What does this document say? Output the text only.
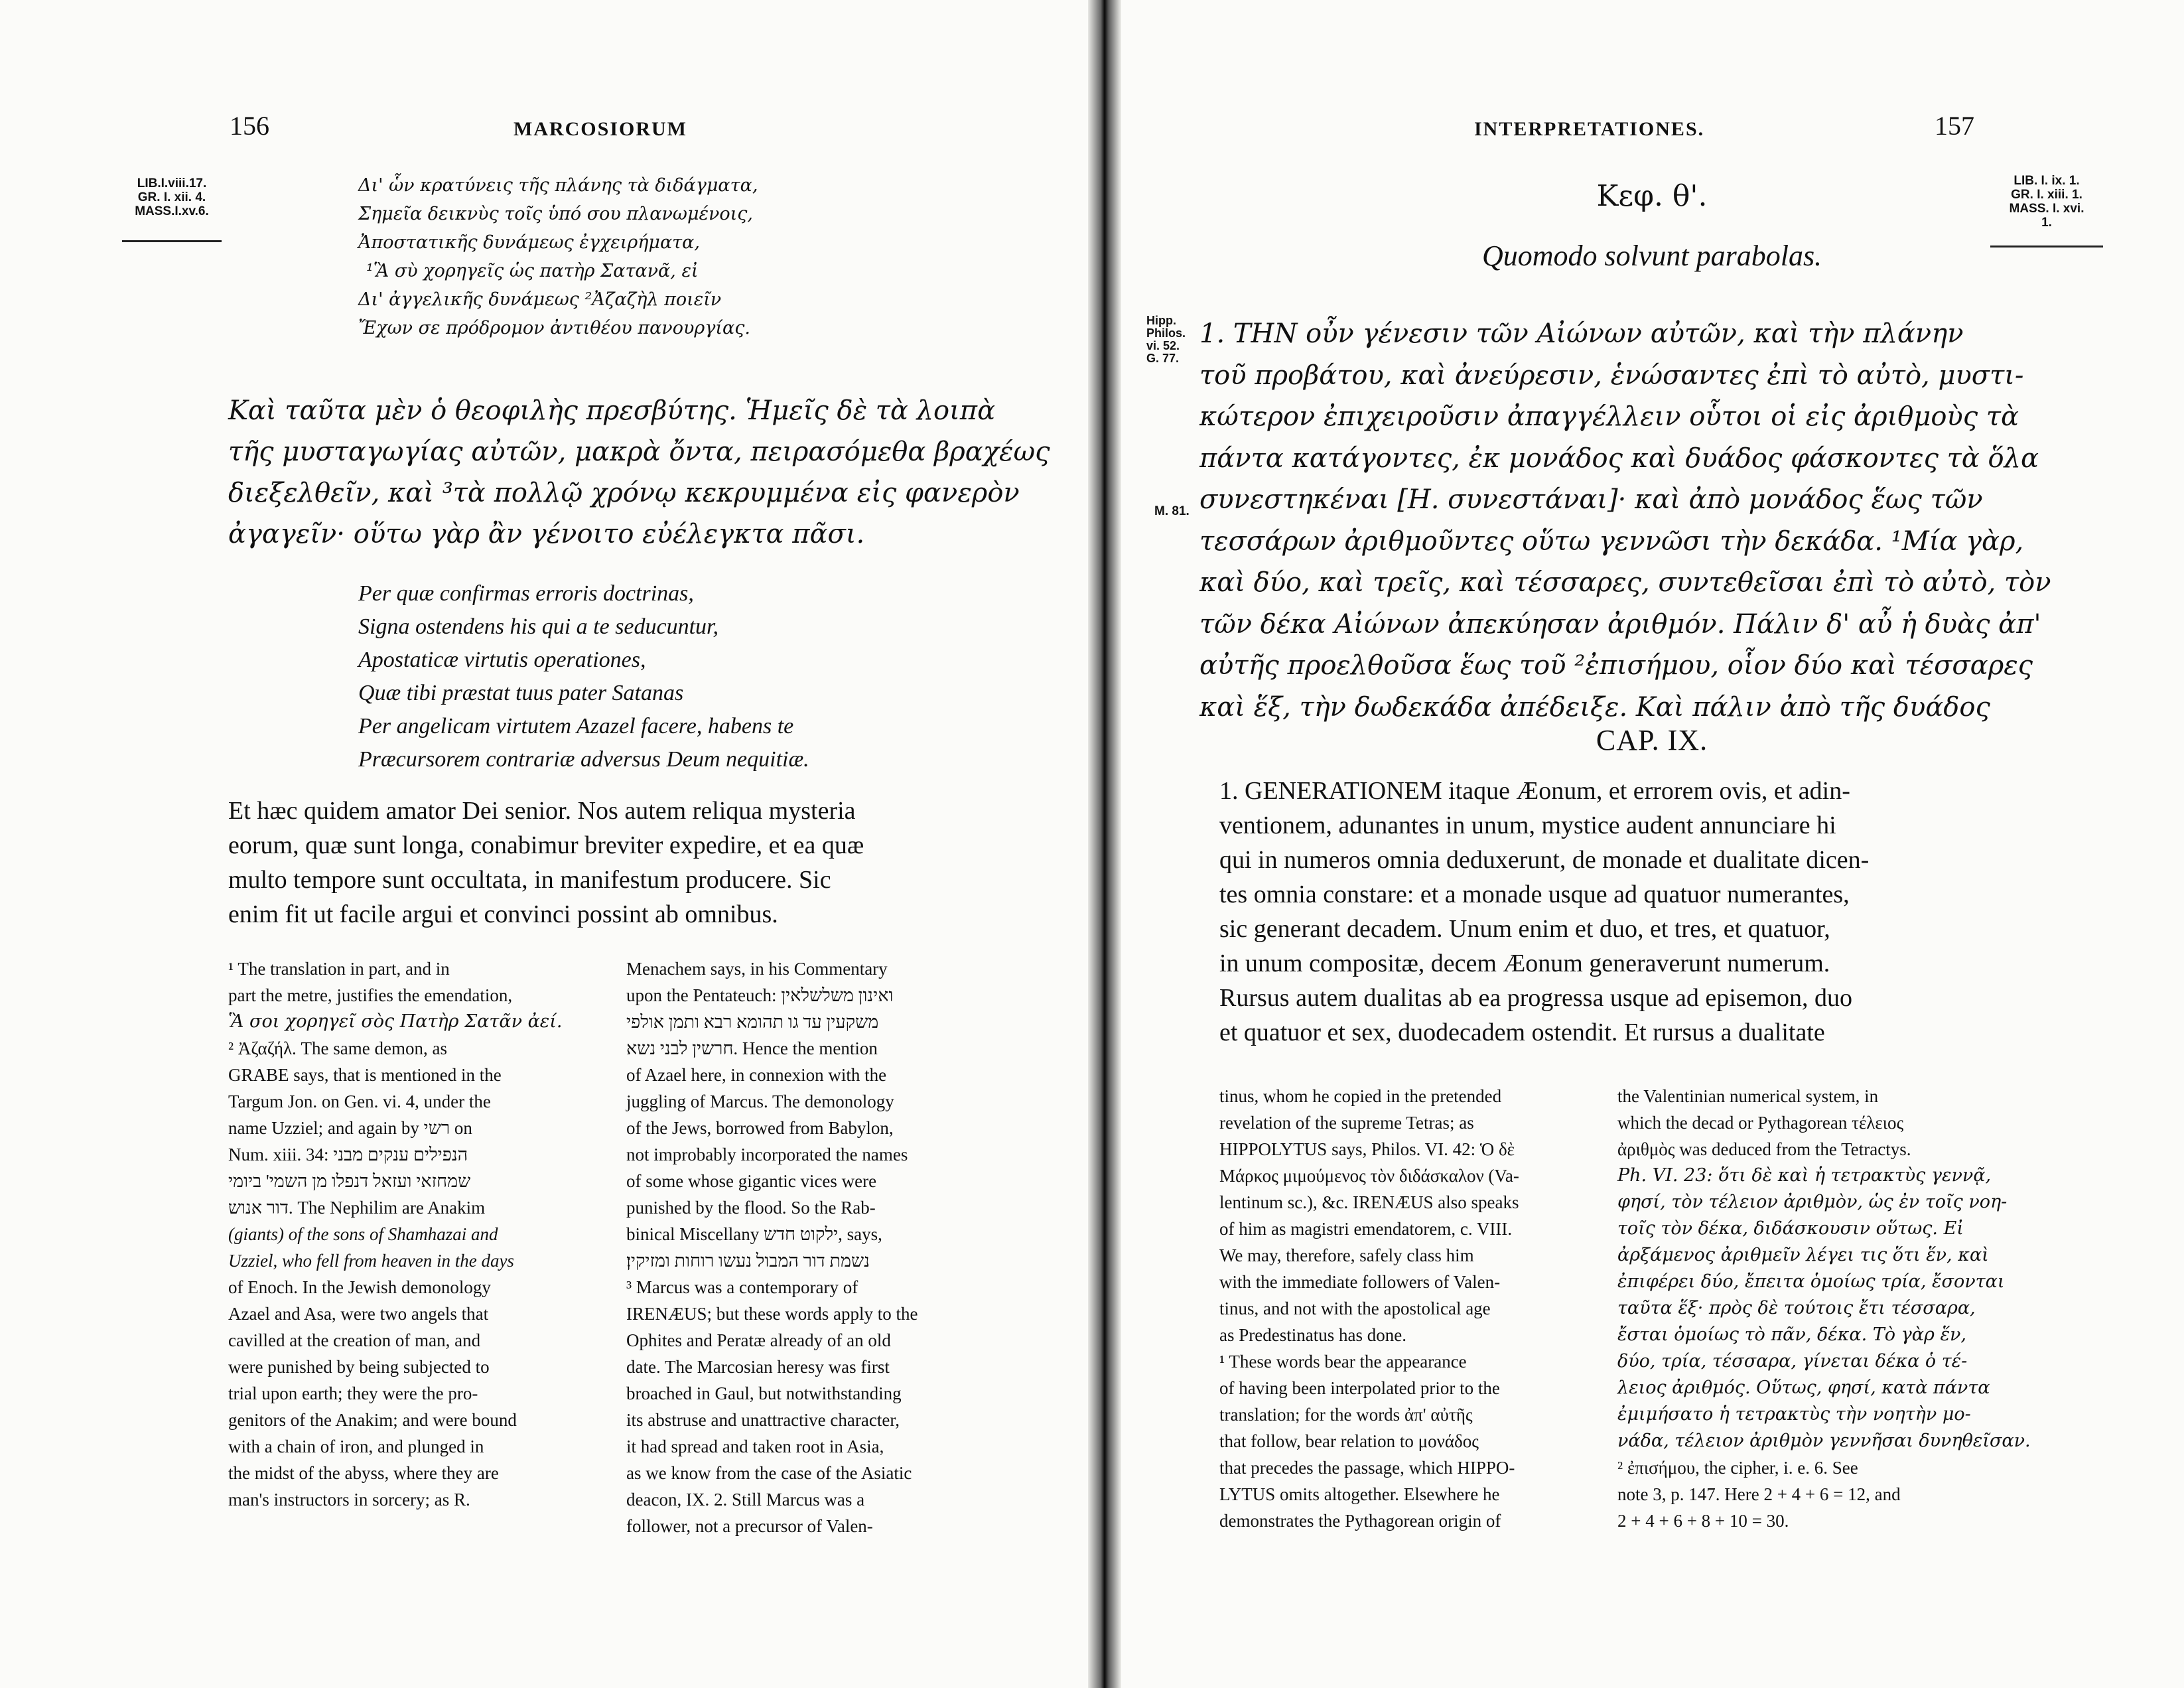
156	MARCOSIORUM
LIB.I.viii.17.
GR. I. xii. 4.
MASS.I.xv.6.
Δι' ὧν κρατύνεις τῆς πλάνης τὰ διδάγματα,
Σημεῖα δεικνὺς τοῖς ὑπό σου πλανωμένοις,
Ἀποστατικῆς δυνάμεως ἐγχειρήματα,
¹Ἃ σὺ χορηγεῖς ὡς πατὴρ Σατανᾶ, εἰ
Δι' ἀγγελικῆς δυνάμεως ²Ἀζαζὴλ ποιεῖν
Ἔχων σε πρόδρομον ἀντιθέου πανουργίας.
Καὶ ταῦτα μὲν ὁ θεοφιλὴς πρεσβύτης. Ἡμεῖς δὲ τὰ λοιπὰ
τῆς μυσταγωγίας αὐτῶν, μακρὰ ὄντα, πειρασόμεθα βραχέως
διεξελθεῖν, καὶ ³τὰ πολλῷ χρόνῳ κεκρυμμένα εἰς φανερὸν
ἀγαγεῖν· οὕτω γὰρ ἂν γένοιτο εὐέλεγκτα πᾶσι.
Per quæ confirmas erroris doctrinas,
Signa ostendens his qui a te seducuntur,
Apostaticæ virtutis operationes,
Quæ tibi præstat tuus pater Satanas
Per angelicam virtutem Azazel facere, habens te
Præcursorem contrariæ adversus Deum nequitiæ.
Et hæc quidem amator Dei senior. Nos autem reliqua mysteria
eorum, quæ sunt longa, conabimur breviter expedire, et ea quæ
multo tempore sunt occultata, in manifestum producere. Sic
enim fit ut facile argui et convinci possint ab omnibus.
¹ The translation in part, and in
part the metre, justifies the emendation,
Ἃ σοι χορηγεῖ σὸς Πατὴρ Σατᾶν ἀεί.
² Ἀζαζήλ. The same demon, as
GRABE says, that is mentioned in the
Targum Jon. on Gen. vi. 4, under the
name Uzziel; and again by רשי on
Num. xiii. 34: הנפילים ענקים מבני
שמחזאי ועזאל דנפלו מן השמי' ביומי
דור אנוש. The Nephilim are Anakim
(giants) of the sons of Shamhazai and
Uzziel, who fell from heaven in the days
of Enoch. In the Jewish demonology
Azael and Asa, were two angels that
cavilled at the creation of man, and
were punished by being subjected to
trial upon earth; they were the pro-
genitors of the Anakim; and were bound
with a chain of iron, and plunged in
the midst of the abyss, where they are
man's instructors in sorcery; as R.
Menachem says, in his Commentary
upon the Pentateuch: ואינון משלשלאין
משקעין עד גו תהומא רבא ותמן אולפי
חרשין לבני נשא. Hence the mention
of Azael here, in connexion with the
juggling of Marcus. The demonology
of the Jews, borrowed from Babylon,
not improbably incorporated the names
of some whose gigantic vices were
punished by the flood. So the Rab-
binical Miscellany ילקוט חדש, says,
נשמת דור המבול נעשו רוחות ומזיקין׃
³ Marcus was a contemporary of
IRENÆUS; but these words apply to the
Ophites and Peratæ already of an old
date. The Marcosian heresy was first
broached in Gaul, but notwithstanding
its abstruse and unattractive character,
it had spread and taken root in Asia,
as we know from the case of the Asiatic
deacon, IX. 2. Still Marcus was a
follower, not a precursor of Valen-
INTERPRETATIONES.	157
LIB. I. ix. 1.
GR. I. xiii. 1.
MASS. I. xvi.
1.
Κεφ. θ'.
Quomodo solvunt parabolas.
Hipp.
Philos.
vi. 52.
G. 77.
M. 81.
1. ΤΗΝ οὖν γένεσιν τῶν Αἰώνων αὐτῶν, καὶ τὴν πλάνην
τοῦ προβάτου, καὶ ἀνεύρεσιν, ἑνώσαντες ἐπὶ τὸ αὐτὸ, μυστι-
κώτερον ἐπιχειροῦσιν ἀπαγγέλλειν οὗτοι οἱ εἰς ἀριθμοὺς τὰ
πάντα κατάγοντες, ἐκ μονάδος καὶ δυάδος φάσκοντες τὰ ὅλα
συνεστηκέναι [H. συνεστάναι]· καὶ ἀπὸ μονάδος ἕως τῶν
τεσσάρων ἀριθμοῦντες οὕτω γεννῶσι τὴν δεκάδα. ¹Μία γὰρ,
καὶ δύο, καὶ τρεῖς, καὶ τέσσαρες, συντεθεῖσαι ἐπὶ τὸ αὐτὸ, τὸν
τῶν δέκα Αἰώνων ἀπεκύησαν ἀριθμόν. Πάλιν δ' αὖ ἡ δυὰς ἀπ'
αὐτῆς προελθοῦσα ἕως τοῦ ²ἐπισήμου, οἷον δύο καὶ τέσσαρες
καὶ ἕξ, τὴν δωδεκάδα ἀπέδειξε. Καὶ πάλιν ἀπὸ τῆς δυάδος
CAP. IX.
1. GENERATIONEM itaque Æonum, et errorem ovis, et adin-
ventionem, adunantes in unum, mystice audent annunciare hi
qui in numeros omnia deduxerunt, de monade et dualitate dicen-
tes omnia constare: et a monade usque ad quatuor numerantes,
sic generant decadem. Unum enim et duo, et tres, et quatuor,
in unum compositæ, decem Æonum generaverunt numerum.
Rursus autem dualitas ab ea progressa usque ad episemon, duo
et quatuor et sex, duodecadem ostendit. Et rursus a dualitate
tinus, whom he copied in the pretended
revelation of the supreme Tetras; as
HIPPOLYTUS says, Philos. VI. 42: Ὁ δὲ
Μάρκος μιμούμενος τὸν διδάσκαλον (Va-
lentinum sc.), &c. IRENÆUS also speaks
of him as magistri emendatorem, c. VIII.
We may, therefore, safely class him
with the immediate followers of Valen-
tinus, and not with the apostolical age
as Predestinatus has done.
¹ These words bear the appearance
of having been interpolated prior to the
translation; for the words ἀπ' αὐτῆς
that follow, bear relation to μονάδος
that precedes the passage, which HIPPO-
LYTUS omits altogether. Elsewhere he
demonstrates the Pythagorean origin of
the Valentinian numerical system, in
which the decad or Pythagorean τέλειος
ἀριθμὸς was deduced from the Tetractys.
Ph. VI. 23: ὅτι δὲ καὶ ἡ τετρακτὺς γεννᾷ,
φησί, τὸν τέλειον ἀριθμὸν, ὡς ἐν τοῖς νοη-
τοῖς τὸν δέκα, διδάσκουσιν οὕτως. Εἰ
ἀρξάμενος ἀριθμεῖν λέγει τις ὅτι ἕν, καὶ
ἐπιφέρει δύο, ἔπειτα ὁμοίως τρία, ἔσονται
ταῦτα ἕξ· πρὸς δὲ τούτοις ἔτι τέσσαρα,
ἔσται ὁμοίως τὸ πᾶν, δέκα. Τὸ γὰρ ἕν,
δύο, τρία, τέσσαρα, γίνεται δέκα ὁ τέ-
λειος ἀριθμός. Οὕτως, φησί, κατὰ πάντα
ἐμιμήσατο ἡ τετρακτὺς τὴν νοητὴν μο-
νάδα, τέλειον ἀριθμὸν γεννῆσαι δυνηθεῖσαν.
² ἐπισήμου, the cipher, i. e. 6. See
note 3, p. 147. Here 2 + 4 + 6 = 12, and
2 + 4 + 6 + 8 + 10 = 30.
